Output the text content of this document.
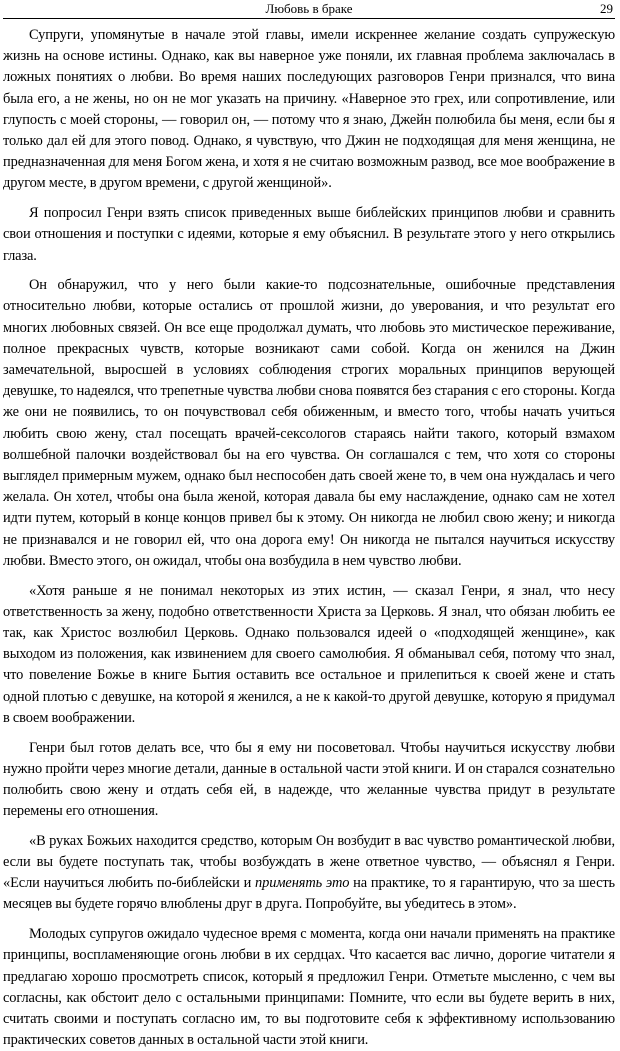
Любовь в браке	29

Супруги, упомянутые в начале этой главы, имели искреннее желание создать супружескую жизнь на основе истины. Однако, как вы наверное уже поняли, их главная проблема заключалась в ложных понятиях о любви. Во время наших последующих разговоров Генри признался, что вина была его, а не жены, но он не мог указать на причину. «Наверное это грех, или сопротивление, или глупость с моей стороны, — говорил он, — потому что я знаю, Джейн полюбила бы меня, если бы я только дал ей для этого повод. Однако, я чувствую, что Джин не подходящая для меня женщина, не предназначенная для меня Богом жена, и хотя я не считаю возможным развод, все мое воображение в другом месте, в другом времени, с другой женщиной».

Я попросил Генри взять список приведенных выше библейских принципов любви и сравнить свои отношения и поступки с идеями, которые я ему объяснил. В результате этого у него открылись глаза.

Он обнаружил, что у него были какие-то подсознательные, ошибочные представления относительно любви, которые остались от прошлой жизни, до уверования, и что результат его многих любовных связей. Он все еще продолжал думать, что любовь это мистическое переживание, полное прекрасных чувств, которые возникают сами собой. Когда он женился на Джин замечательной, выросшей в условиях соблюдения строгих моральных принципов верующей девушке, то надеялся, что трепетные чувства любви снова появятся без старания с его стороны. Когда же они не появились, то он почувствовал себя обиженным, и вместо того, чтобы начать учиться любить свою жену, стал посещать врачей-сексологов стараясь найти такого, который взмахом волшебной палочки воздействовал бы на его чувства. Он соглашался с тем, что хотя со стороны выглядел примерным мужем, однако был неспособен дать своей жене то, в чем она нуждалась и чего желала. Он хотел, чтобы она была женой, которая давала бы ему наслаждение, однако сам не хотел идти путем, который в конце концов привел бы к этому. Он никогда не любил свою жену; и никогда не признавался и не говорил ей, что она дорога ему! Он никогда не пытался научиться искусству любви. Вместо этого, он ожидал, чтобы она возбудила в нем чувство любви.

«Хотя раньше я не понимал некоторых из этих истин, — сказал Генри, я знал, что несу ответственность за жену, подобно ответственности Христа за Церковь. Я знал, что обязан любить ее так, как Христос возлюбил Церковь. Однако пользовался идеей о «подходящей женщине», как выходом из положения, как извинением для своего самолюбия. Я обманывал себя, потому что знал, что повеление Божье в книге Бытия оставить все остальное и прилепиться к своей жене и стать одной плотью с девушке, на которой я женился, а не к какой-то другой девушке, которую я придумал в своем воображении.

Генри был готов делать все, что бы я ему ни посоветовал. Чтобы научиться искусству любви нужно пройти через многие детали, данные в остальной части этой книги. И он старался сознательно полюбить свою жену и отдать себя ей, в надежде, что желанные чувства придут в результате перемены его отношения.

«В руках Божьих находится средство, которым Он возбудит в вас чувство романтической любви, если вы будете поступать так, чтобы возбуждать в жене ответное чувство, — объяснял я Генри. «Если научиться любить по-библейски и применять это на практике, то я гарантирую, что за шесть месяцев вы будете горячо влюблены друг в друга. Попробуйте, вы убедитесь в этом».

Молодых супругов ожидало чудесное время с момента, когда они начали применять на практике принципы, воспламеняющие огонь любви в их сердцах. Что касается вас лично, дорогие читатели я предлагаю хорошо просмотреть список, который я предложил Генри. Отметьте мысленно, с чем вы согласны, как обстоит дело с остальными принципами: Помните, что если вы будете верить в них, считать своими и поступать согласно им, то вы подготовите себя к эффективному использованию практических советов данных в остальной части этой книги.
